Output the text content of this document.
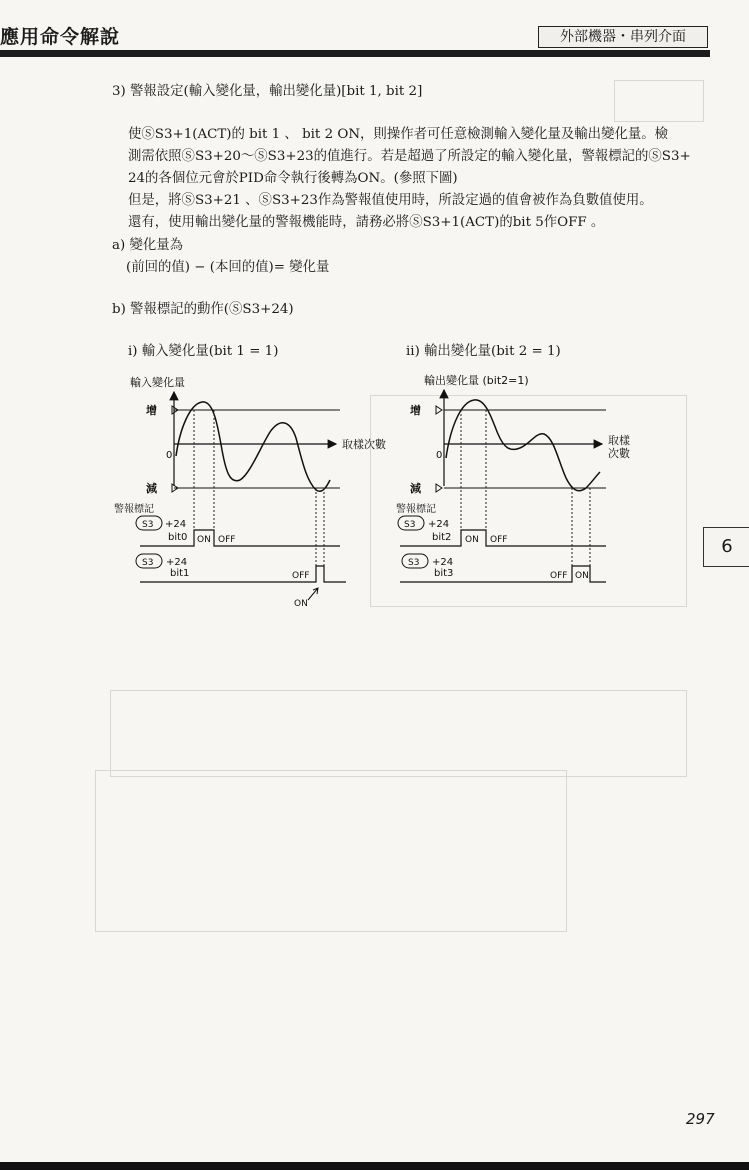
應用命令解說	外部機器・串列介面
3) 警報設定(輸入變化量，輸出變化量)[bit 1, bit 2]
使ⓈS3+1(ACT)的 bit 1 、 bit 2 ON，則操作者可任意檢測輸入變化量及輸出變化量。檢
測需依照ⓈS3+20～ⓈS3+23的值進行。若是超過了所設定的輸入變化量，警報標記的ⓈS3+
24的各個位元會於PID命令執行後轉為ON。(參照下圖)
但是，將ⓈS3+21 、ⓈS3+23作為警報值使用時，所設定過的值會被作為負數值使用。
還有，使用輸出變化量的警報機能時，請務必將ⓈS3+1(ACT)的bit 5作OFF 。
a) 變化量為
(前回的值) − (本回的值)= 變化量
b) 警報標記的動作(ⓈS3+24)
i) 輸入變化量(bit 1 = 1)	ii) 輸出變化量(bit 2 = 1)
輸入變化量
取樣次數
增
減
0
警報標記
S3 +24
bit0 ON OFF
S3 +24
bit1	OFF
ON
輸出變化量 (bit2=1)
取樣
次數
增
減
0
警報標記
S3 +24
bit2 ON OFF
S3 +24
bit3	OFF ON
6
297
